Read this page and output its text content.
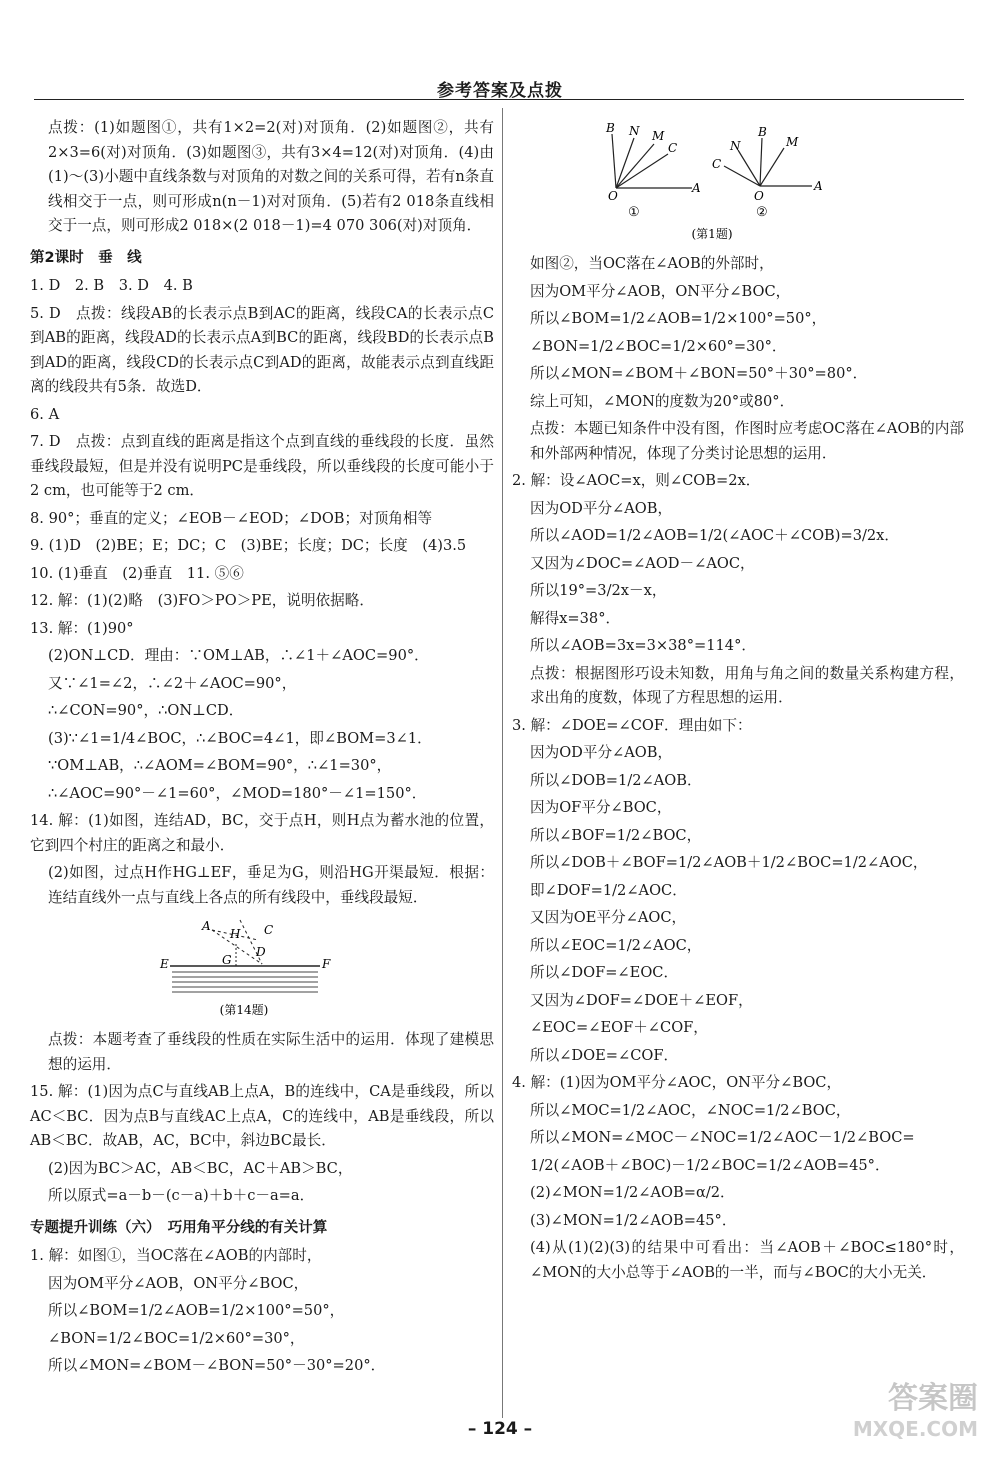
参考答案及点拨

点拨：(1)如题图①，共有1×2=2(对)对顶角．(2)如题图②，共有2×3=6(对)对顶角．(3)如题图③，共有3×4=12(对)对顶角．(4)由(1)～(3)小题中直线条数与对顶角的对数之间的关系可得，若有n条直线相交于一点，则可形成n(n－1)对对顶角．(5)若有2 018条直线相交于一点，则可形成2 018×(2 018－1)=4 070 306(对)对顶角．

第2课时　垂　线

1. D　2. B　3. D　4. B

5. D　点拨：线段AB的长表示点B到AC的距离，线段CA的长表示点C到AB的距离，线段AD的长表示点A到BC的距离，线段BD的长表示点B到AD的距离，线段CD的长表示点C到AD的距离，故能表示点到直线距离的线段共有5条．故选D．

6. A

7. D　点拨：点到直线的距离是指这个点到直线的垂线段的长度．虽然垂线段最短，但是并没有说明PC是垂线段，所以垂线段的长度可能小于2 cm，也可能等于2 cm．

8. 90°；垂直的定义；∠EOB－∠EOD；∠DOB；对顶角相等

9. (1)D　(2)BE；E；DC；C　(3)BE；长度；DC；长度　(4)3.5

10. (1)垂直　(2)垂直　11. ⑤⑥

12. 解：(1)(2)略　(3)FO＞PO＞PE，说明依据略．

13. 解：(1)90°

(2)ON⊥CD．理由：∵OM⊥AB，∴∠1＋∠AOC=90°．

又∵∠1=∠2，∴∠2＋∠AOC=90°，

∴∠CON=90°，∴ON⊥CD．

(3)∵∠1=1/4∠BOC，∴∠BOC=4∠1，即∠BOM=3∠1．

∵OM⊥AB，∴∠AOM=∠BOM=90°，∴∠1=30°，

∴∠AOC=90°－∠1=60°，∠MOD=180°－∠1=150°．

14. 解：(1)如图，连结AD，BC，交于点H，则H点为蓄水池的位置，它到四个村庄的距离之和最小．

(2)如图，过点H作HG⊥EF，垂足为G，则沿HG开渠最短．根据：连结直线外一点与直线上各点的所有线段中，垂线段最短．

A
H C
D
G
E	F
(第14题)

点拨：本题考查了垂线段的性质在实际生活中的运用．体现了建模思想的运用．

15. 解：(1)因为点C与直线AB上点A，B的连线中，CA是垂线段，所以AC＜BC．因为点B与直线AC上点A，C的连线中，AB是垂线段，所以AB＜BC．故AB，AC，BC中，斜边BC最长．

(2)因为BC＞AC，AB＜BC，AC＋AB＞BC，

所以原式=a－b－(c－a)＋b＋c－a=a．

专题提升训练（六）　巧用角平分线的有关计算

1. 解：如图①，当OC落在∠AOB的内部时，

因为OM平分∠AOB，ON平分∠BOC，

所以∠BOM=1/2∠AOB=1/2×100°=50°，

∠BON=1/2∠BOC=1/2×60°=30°，

所以∠MON=∠BOM－∠BON=50°－30°=20°．

B N M
C
O
A
B
M
N
C
O
A
①	②
(第1题)

如图②，当OC落在∠AOB的外部时，

因为OM平分∠AOB，ON平分∠BOC，

所以∠BOM=1/2∠AOB=1/2×100°=50°，

∠BON=1/2∠BOC=1/2×60°=30°．

所以∠MON=∠BOM＋∠BON=50°＋30°=80°．

综上可知，∠MON的度数为20°或80°．

点拨：本题已知条件中没有图，作图时应考虑OC落在∠AOB的内部和外部两种情况，体现了分类讨论思想的运用．

2. 解：设∠AOC=x，则∠COB=2x．

因为OD平分∠AOB，

所以∠AOD=1/2∠AOB=1/2(∠AOC＋∠COB)=3/2x．

又因为∠DOC=∠AOD－∠AOC，

所以19°=3/2x－x，

解得x=38°．

所以∠AOB=3x=3×38°=114°．

点拨：根据图形巧设未知数，用角与角之间的数量关系构建方程，求出角的度数，体现了方程思想的运用．

3. 解：∠DOE=∠COF．理由如下：

因为OD平分∠AOB，

所以∠DOB=1/2∠AOB．

因为OF平分∠BOC，

所以∠BOF=1/2∠BOC，

所以∠DOB＋∠BOF=1/2∠AOB＋1/2∠BOC=1/2∠AOC，

即∠DOF=1/2∠AOC．

又因为OE平分∠AOC，

所以∠EOC=1/2∠AOC，

所以∠DOF=∠EOC．

又因为∠DOF=∠DOE＋∠EOF，

∠EOC=∠EOF＋∠COF，

所以∠DOE=∠COF．

4. 解：(1)因为OM平分∠AOC，ON平分∠BOC，

所以∠MOC=1/2∠AOC，∠NOC=1/2∠BOC，

所以∠MON=∠MOC－∠NOC=1/2∠AOC－1/2∠BOC=

1/2(∠AOB＋∠BOC)－1/2∠BOC=1/2∠AOB=45°．

(2)∠MON=1/2∠AOB=α/2．

(3)∠MON=1/2∠AOB=45°．

(4)从(1)(2)(3)的结果中可看出：当∠AOB＋∠BOC≤180°时，∠MON的大小总等于∠AOB的一半，而与∠BOC的大小无关．

– 124 –
答案圈
MXQE.COM
